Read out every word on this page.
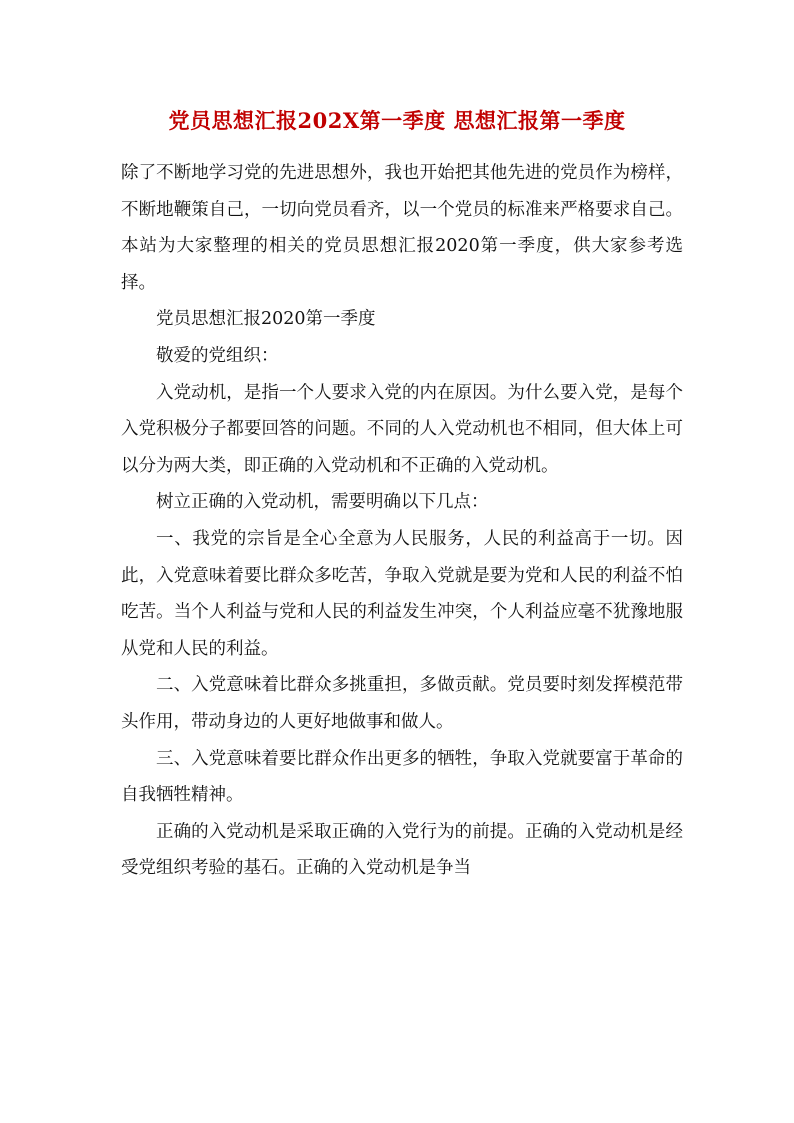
党员思想汇报202X第一季度 思想汇报第一季度

除了不断地学习党的先进思想外，我也开始把其他先进的党员作为榜样，不断地鞭策自己，一切向党员看齐，以一个党员的标准来严格要求自己。本站为大家整理的相关的党员思想汇报2020第一季度，供大家参考选择。

党员思想汇报2020第一季度

敬爱的党组织：

入党动机，是指一个人要求入党的内在原因。为什么要入党，是每个入党积极分子都要回答的问题。不同的人入党动机也不相同，但大体上可以分为两大类，即正确的入党动机和不正确的入党动机。

树立正确的入党动机，需要明确以下几点：

一、我党的宗旨是全心全意为人民服务，人民的利益高于一切。因此，入党意味着要比群众多吃苦，争取入党就是要为党和人民的利益不怕吃苦。当个人利益与党和人民的利益发生冲突，个人利益应毫不犹豫地服从党和人民的利益。

二、入党意味着比群众多挑重担，多做贡献。党员要时刻发挥模范带头作用，带动身边的人更好地做事和做人。

三、入党意味着要比群众作出更多的牺牲，争取入党就要富于革命的自我牺牲精神。

正确的入党动机是采取正确的入党行为的前提。正确的入党动机是经受党组织考验的基石。正确的入党动机是争当
